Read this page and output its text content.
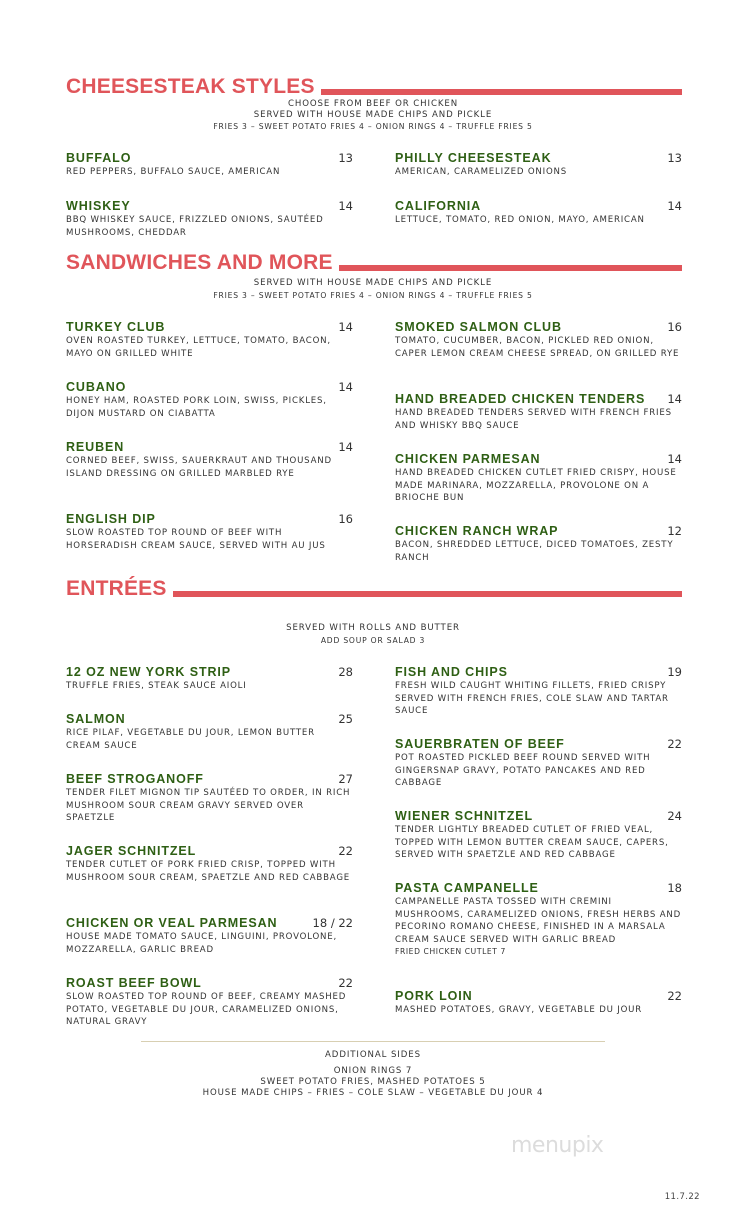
CHEESESTEAK STYLES
CHOOSE FROM BEEF OR CHICKEN
SERVED WITH HOUSE MADE CHIPS AND PICKLE
FRIES 3 – SWEET POTATO FRIES 4 – ONION RINGS 4 – TRUFFLE FRIES 5
BUFFALO	13
RED PEPPERS, BUFFALO SAUCE, AMERICAN
PHILLY CHEESESTEAK	13
AMERICAN, CARAMELIZED ONIONS
WHISKEY	14
BBQ WHISKEY SAUCE, FRIZZLED ONIONS, SAUTÉED MUSHROOMS, CHEDDAR
CALIFORNIA	14
LETTUCE, TOMATO, RED ONION, MAYO, AMERICAN
SANDWICHES AND MORE
SERVED WITH HOUSE MADE CHIPS AND PICKLE
FRIES 3 – SWEET POTATO FRIES 4 – ONION RINGS 4 – TRUFFLE FRIES 5
TURKEY CLUB	14
OVEN ROASTED TURKEY, LETTUCE, TOMATO, BACON, MAYO ON GRILLED WHITE
SMOKED SALMON CLUB	16
TOMATO, CUCUMBER, BACON, PICKLED RED ONION, CAPER LEMON CREAM CHEESE SPREAD, ON GRILLED RYE
CUBANO	14
HONEY HAM, ROASTED PORK LOIN, SWISS, PICKLES, DIJON MUSTARD ON CIABATTA
HAND BREADED CHICKEN TENDERS 14
HAND BREADED TENDERS SERVED WITH FRENCH FRIES AND WHISKY BBQ SAUCE
REUBEN	14
CORNED BEEF, SWISS, SAUERKRAUT AND THOUSAND ISLAND DRESSING ON GRILLED MARBLED RYE
CHICKEN PARMESAN	14
HAND BREADED CHICKEN CUTLET FRIED CRISPY, HOUSE MADE MARINARA, MOZZARELLA, PROVOLONE ON A BRIOCHE BUN
ENGLISH DIP	16
SLOW ROASTED TOP ROUND OF BEEF WITH HORSERADISH CREAM SAUCE, SERVED WITH AU JUS
CHICKEN RANCH WRAP	12
BACON, SHREDDED LETTUCE, DICED TOMATOES, ZESTY RANCH
ENTRÉES
SERVED WITH ROLLS AND BUTTER
ADD SOUP OR SALAD 3
12 OZ NEW YORK STRIP	28
TRUFFLE FRIES, STEAK SAUCE AIOLI
FISH AND CHIPS	19
FRESH WILD CAUGHT WHITING FILLETS, FRIED CRISPY SERVED WITH FRENCH FRIES, COLE SLAW AND TARTAR SAUCE
SALMON	25
RICE PILAF, VEGETABLE DU JOUR, LEMON BUTTER CREAM SAUCE	SAUERBRATEN OF BEEF	22
POT ROASTED PICKLED BEEF ROUND SERVED WITH GINGERSNAP GRAVY, POTATO PANCAKES AND RED CABBAGE
BEEF STROGANOFF	27
TENDER FILET MIGNON TIP SAUTÉED TO ORDER, IN RICH MUSHROOM SOUR CREAM GRAVY SERVED OVER SPAETZLE	WIENER SCHNITZEL	24
TENDER LIGHTLY BREADED CUTLET OF FRIED VEAL, TOPPED WITH LEMON BUTTER CREAM SAUCE, CAPERS, SERVED WITH SPAETZLE AND RED CABBAGE
JAGER SCHNITZEL	22
TENDER CUTLET OF PORK FRIED CRISP, TOPPED WITH MUSHROOM SOUR CREAM, SPAETZLE AND RED CABBAGE
PASTA CAMPANELLE	18
CAMPANELLE PASTA TOSSED WITH CREMINI MUSHROOMS, CARAMELIZED ONIONS, FRESH HERBS AND PECORINO ROMANO CHEESE, FINISHED IN A MARSALA CREAM SAUCE SERVED WITH GARLIC BREAD
FRIED CHICKEN CUTLET 7
CHICKEN OR VEAL PARMESAN	18 / 22
HOUSE MADE TOMATO SAUCE, LINGUINI, PROVOLONE, MOZZARELLA, GARLIC BREAD
ROAST BEEF BOWL	22
SLOW ROASTED TOP ROUND OF BEEF, CREAMY MASHED POTATO, VEGETABLE DU JOUR, CARAMELIZED ONIONS, NATURAL GRAVY
PORK LOIN	22
MASHED POTATOES, GRAVY, VEGETABLE DU JOUR
ADDITIONAL SIDES
ONION RINGS 7
SWEET POTATO FRIES, MASHED POTATOES 5
HOUSE MADE CHIPS – FRIES – COLE SLAW – VEGETABLE DU JOUR 4
menupix
11.7.22
